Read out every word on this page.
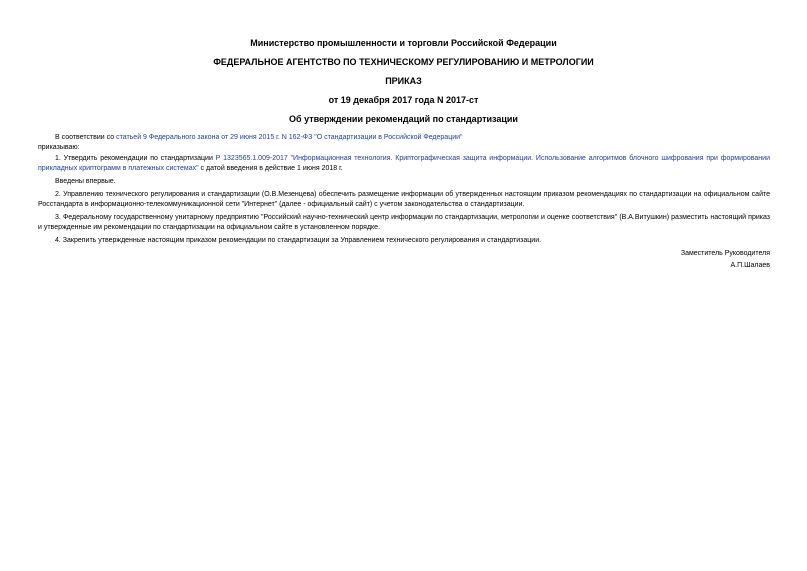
Министерство промышленности и торговли Российской Федерации
ФЕДЕРАЛЬНОЕ АГЕНТСТВО ПО ТЕХНИЧЕСКОМУ РЕГУЛИРОВАНИЮ И МЕТРОЛОГИИ
ПРИКАЗ
от 19 декабря 2017 года N 2017-ст
Об утверждении рекомендаций по стандартизации

В соответствии со статьей 9 Федерального закона от 29 июня 2015 г. N 162-ФЗ "О стандартизации в Российской Федерации"

приказываю:

1. Утвердить рекомендации по стандартизации Р 1323565.1.009-2017 "Информационная технология. Криптографическая защита информации. Использование алгоритмов блочного шифрования при формировании прикладных криптограмм в платежных системах" с датой введения в действие 1 июня 2018 г.

Введены впервые.

2. Управлению технического регулирования и стандартизации (О.В.Мезенцева) обеспечить размещение информации об утвержденных настоящим приказом рекомендациях по стандартизации на официальном сайте Росстандарта в информационно-телекоммуникационной сети "Интернет" (далее - официальный сайт) с учетом законодательства о стандартизации.

3. Федеральному государственному унитарному предприятию "Российский научно-технический центр информации по стандартизации, метрологии и оценке соответствия" (В.А.Витушкин) разместить настоящий приказ и утвержденные им рекомендации по стандартизации на официальном сайте в установленном порядке.

4. Закрепить утвержденные настоящим приказом рекомендации по стандартизации за Управлением технического регулирования и стандартизации.

Заместитель Руководителя

А.П.Шалаев
